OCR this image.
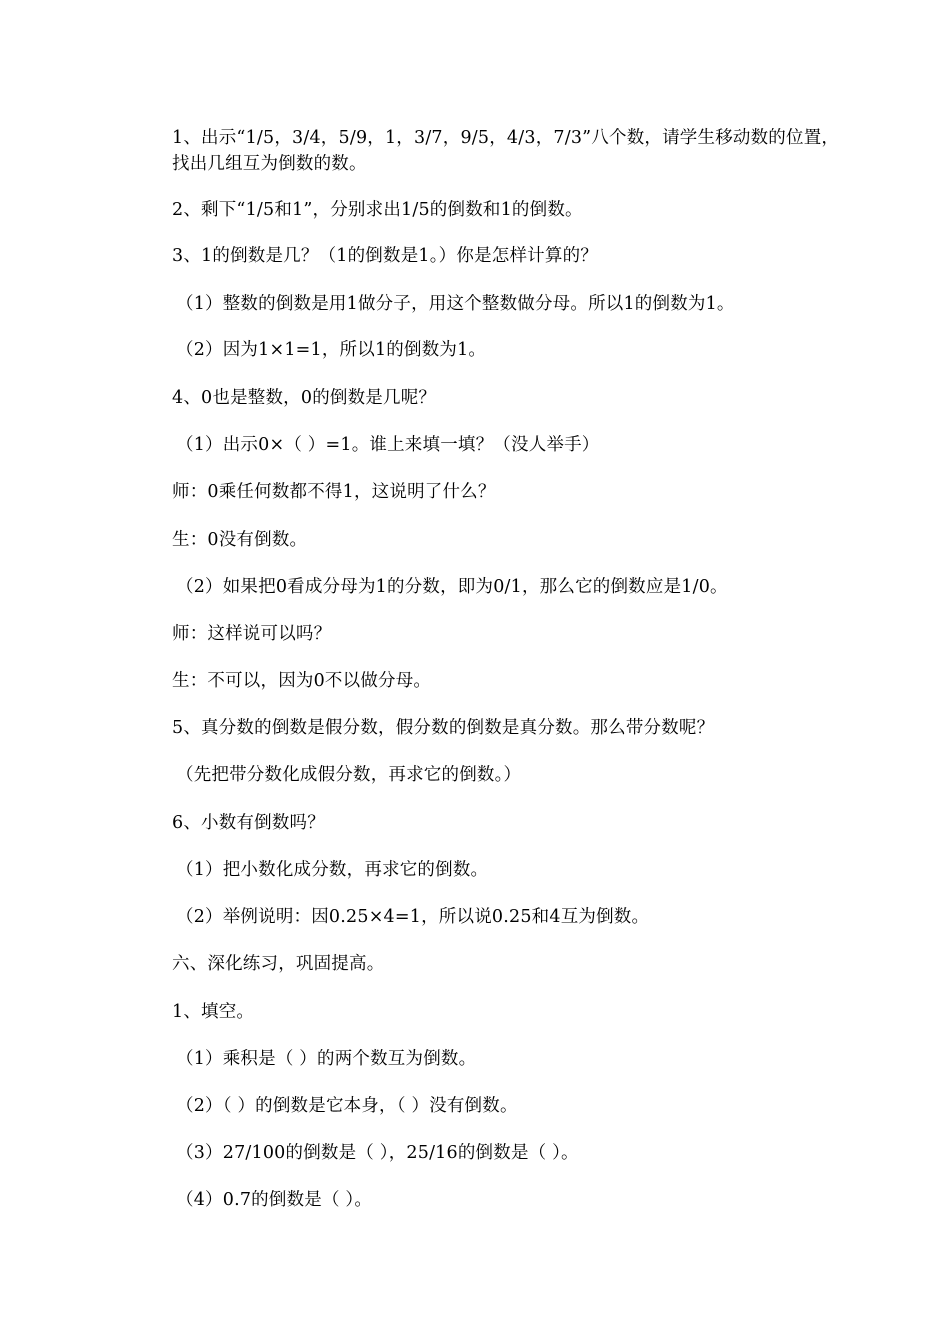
1、出示“1/5，3/4，5/9，1，3/7，9/5，4/3，7/3”八个数，请学生移动数的位置，
找出几组互为倒数的数。
2、剩下“1/5和1”，分别求出1/5的倒数和1的倒数。
3、1的倒数是几？（1的倒数是1。）你是怎样计算的？
（1）整数的倒数是用1做分子，用这个整数做分母。所以1的倒数为1。
（2）因为1×1=1，所以1的倒数为1。
4、0也是整数，0的倒数是几呢？
（1）出示0×（ ）=1。谁上来填一填？（没人举手）
师：0乘任何数都不得1，这说明了什么？
生：0没有倒数。
（2）如果把0看成分母为1的分数，即为0/1，那么它的倒数应是1/0。
师：这样说可以吗？
生：不可以，因为0不以做分母。
5、真分数的倒数是假分数，假分数的倒数是真分数。那么带分数呢？
（先把带分数化成假分数，再求它的倒数。）
6、小数有倒数吗？
（1）把小数化成分数，再求它的倒数。
（2）举例说明：因0.25×4=1，所以说0.25和4互为倒数。
六、深化练习，巩固提高。
1、填空。
（1）乘积是（ ）的两个数互为倒数。
（2）（ ）的倒数是它本身，（ ）没有倒数。
（3）27/100的倒数是（ ），25/16的倒数是（ ）。
（4）0.7的倒数是（ ）。
